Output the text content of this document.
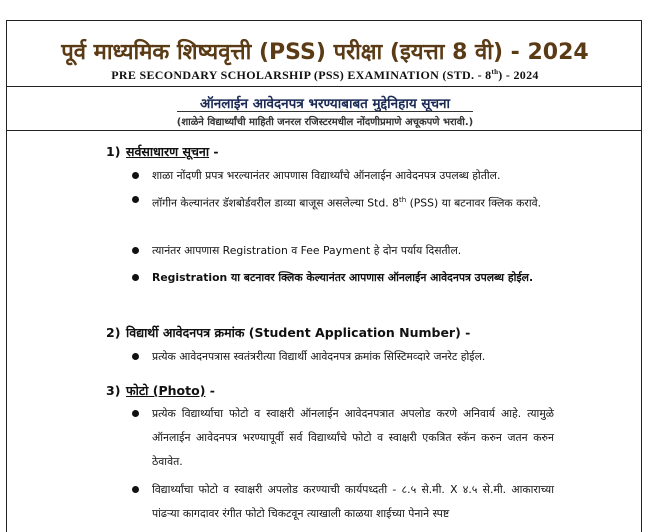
पूर्व माध्यमिक शिष्यवृत्ती (PSS) परीक्षा (इयत्ता 8 वी) - 2024
PRE SECONDARY SCHOLARSHIP (PSS) EXAMINATION (STD. - 8th) - 2024
ऑनलाईन आवेदनपत्र भरण्याबाबत मुद्देनिहाय सूचना
(शाळेने विद्यार्थ्यांची माहिती जनरल रजिस्टरमधील नोंदणीप्रमाणे अचूकपणे भरावी.)
1) सर्वसाधारण सूचना -
शाळा नोंदणी प्रपत्र भरल्यानंतर आपणास विद्यार्थ्यांचे ऑनलाईन आवेदनपत्र उपलब्ध होतील.
लॉगीन केल्यानंतर डॅशबोर्डवरील डाव्या बाजूस असलेल्या Std. 8th (PSS) या बटनावर क्लिक करावे.
त्यानंतर आपणास Registration व Fee Payment हे दोन पर्याय दिसतील.
Registration या बटनावर क्लिक केल्यानंतर आपणास ऑनलाईन आवेदनपत्र उपलब्ध होईल.
2) विद्यार्थी आवेदनपत्र क्रमांक (Student Application Number) -
प्रत्येक आवेदनपत्रास स्वतंत्ररीत्या विद्यार्थी आवेदनपत्र क्रमांक सिस्टिमव्दारे जनरेट होईल.
3) फोटो (Photo) -
प्रत्येक विद्यार्थ्याचा फोटो व स्वाक्षरी ऑनलाईन आवेदनपत्रात अपलोड करणे अनिवार्य आहे. त्यामुळे ऑनलाईन आवेदनपत्र भरण्यापूर्वी सर्व विद्यार्थ्यांचे फोटो व स्वाक्षरी एकत्रित स्कॅन करुन जतन करुन ठेवावेत.
विद्यार्थ्यांचा फोटो व स्वाक्षरी अपलोड करण्याची कार्यपध्दती - ८.५ से.मी. X ४.५ से.मी. आकाराच्या पांढऱ्या कागदावर रंगीत फोटो चिकटवून त्याखाली काळया शाईच्या पेनाने स्पष्ट
